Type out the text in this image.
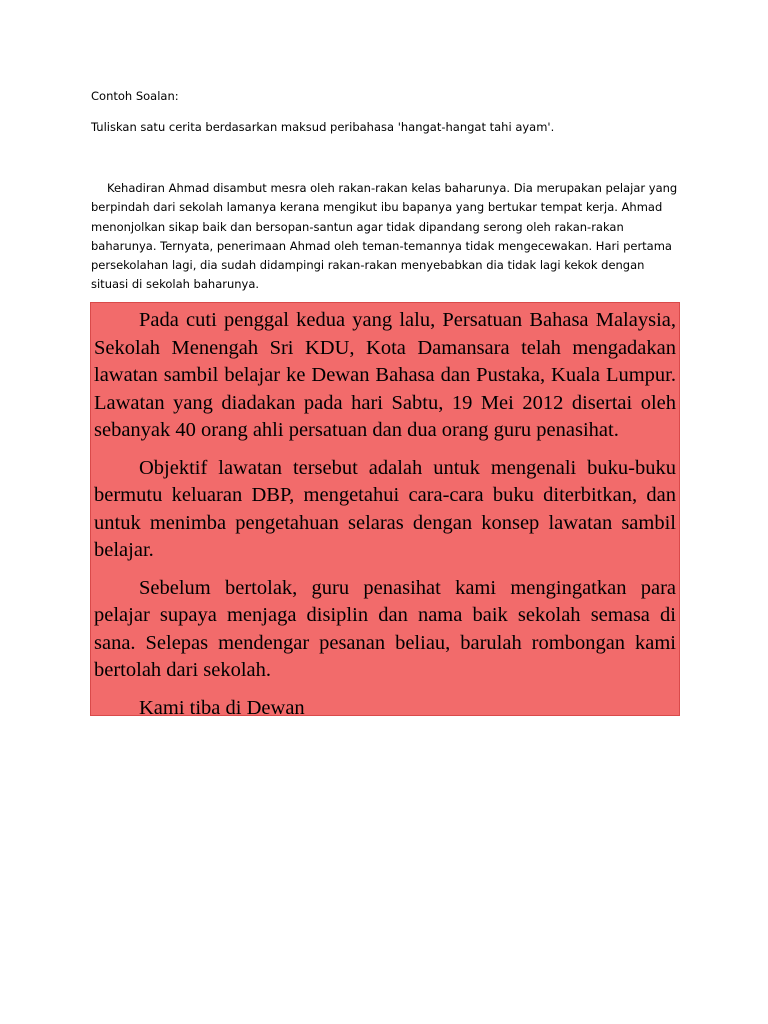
Contoh Soalan:
Tuliskan satu cerita berdasarkan maksud peribahasa 'hangat-hangat tahi ayam'.

Kehadiran Ahmad disambut mesra oleh rakan-rakan kelas baharunya. Dia merupakan pelajar yang berpindah dari sekolah lamanya kerana mengikut ibu bapanya yang bertukar tempat kerja. Ahmad menonjolkan sikap baik dan bersopan-santun agar tidak dipandang serong oleh rakan-rakan baharunya. Ternyata, penerimaan Ahmad oleh teman-temannya tidak mengecewakan. Hari pertama persekolahan lagi, dia sudah didampingi rakan-rakan menyebabkan dia tidak lagi kekok dengan situasi di sekolah baharunya.

Pada cuti penggal kedua yang lalu, Persatuan Bahasa Malaysia, Sekolah Menengah Sri KDU, Kota Damansara telah mengadakan lawatan sambil belajar ke Dewan Bahasa dan Pustaka, Kuala Lumpur. Lawatan yang diadakan pada hari Sabtu, 19 Mei 2012 disertai oleh sebanyak 40 orang ahli persatuan dan dua orang guru penasihat.

Objektif lawatan tersebut adalah untuk mengenali buku-buku bermutu keluaran DBP, mengetahui cara-cara buku diterbitkan, dan untuk menimba pengetahuan selaras dengan konsep lawatan sambil belajar.

Sebelum bertolak, guru penasihat kami mengingatkan para pelajar supaya menjaga disiplin dan nama baik sekolah semasa di sana. Selepas mendengar pesanan beliau, barulah rombongan kami bertolah dari sekolah.

Kami tiba di Dewan
